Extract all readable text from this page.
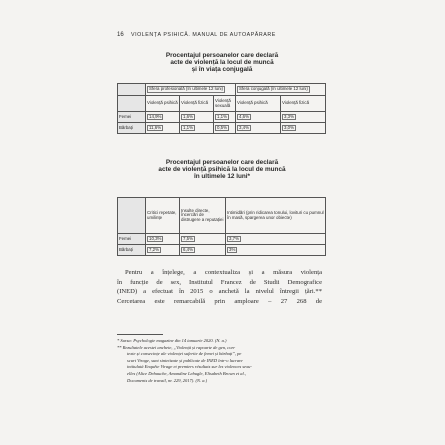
16 VIOLENȚA PSIHICĂ. MANUAL DE AUTOAPĂRARE
Procentajul persoanelor care declară
acte de violență la locul de muncă
și în viața conjugală
	Sfera profesională (în ultimele 12 luni)			Sfera conjugală (în ultimele 12 luni)	
	Violență psihică	Violență fizică	Violență sexuală	Violență psihică	Violență fizică
Femei	14,9%	1,6%	1,1%	4,6%	3,3%
Bărbați	11,6%	1,1%	0,5%	3,4%	3,0%
Procentajul persoanelor care declară
acte de violență psihică la locul de muncă
în ultimele 12 luni*
	Critici repetate, umilințe	Insulte directe, încercări de distrugere a reputației	Intimidări (prin ridicarea tonului, lovituri cu pumnul în masă, spargerea unor obiecte)
Femei	10,3%	7,5%	3,7%
Bărbați	7,2%	6,4%	3%
Pentru a înțelege, a contextualiza și a măsura violența
în funcție de sex, Institutul Francez de Studii Demografice
(INED) a efectuat în 2015 o anchetă la nivelul întregii țări.**
Cercetarea este remarcabilă prin amploare – 27 268 de
* Sursa: Psychologie magazine din 14 ianuarie 2020. (N. a.)
** Rezultatele acestei anchete, „Violență și rapoarte de gen, con-
texte și consecințe ale violenței suferite de femei și bărbați”, pe
scurt Virage, sunt sintetizate și publicate de INED într-o lucrare
intitulată Enquête Virage et premiers résultats sur les violences sexu-
elles (Alice Debauche, Amandine Lebugle, Elisabeth Brown et al.,
Documents de travail, nr. 229, 2017). (N. a.)
